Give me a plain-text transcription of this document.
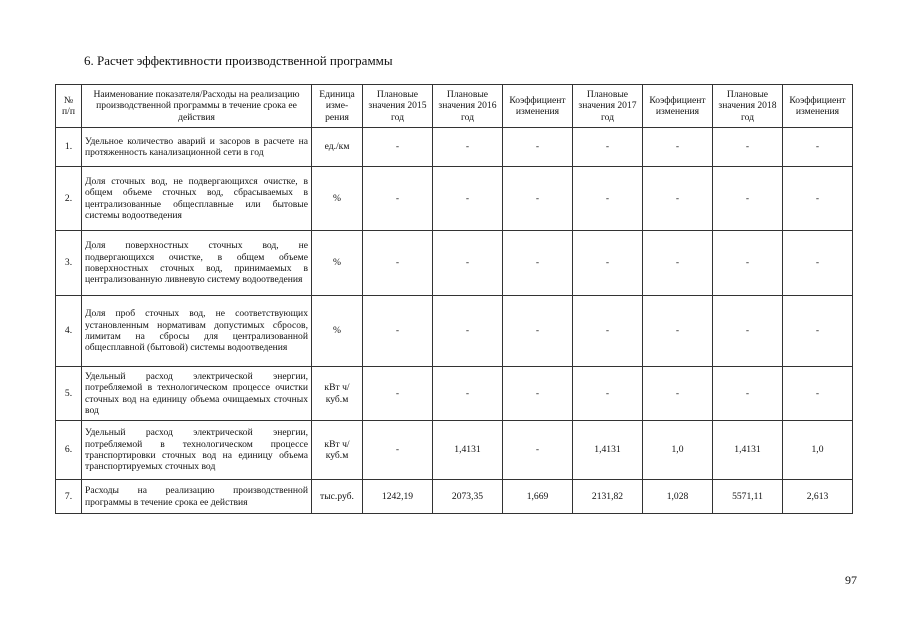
6. Расчет эффективности производственной программы
№ п/п	Наименование показателя/Расходы на реализацию производственной программы в течение срока ее действия	Единица изме- рения	Плановые значения 2015 год	Плановые значения 2016 год	Коэффициент изменения	Плановые значения 2017 год	Коэффициент изменения	Плановые значения 2018 год	Коэффициент изменения
1.	Удельное количество аварий и засоров в расчете на протяженность канализационной сети в год	ед./км	-	-	-	-	-	-	-
2.	Доля сточных вод, не подвергающихся очистке, в общем объеме сточных вод, сбрасываемых в централизованные общесплавные или бытовые системы водоотведения	%	-	-	-	-	-	-	-
3.	Доля поверхностных сточных вод, не подвергающихся очистке, в общем объеме поверхностных сточных вод, принимаемых в централизованную ливневую систему водоотведения	%	-	-	-	-	-	-	-
4.	Доля проб сточных вод, не соответствующих установленным нормативам допустимых сбросов, лимитам на сбросы для централизованной общесплавной (бытовой) системы водоотведения	%	-	-	-	-	-	-	-
5.	Удельный расход электрической энергии, потребляемой в технологическом процессе очистки сточных вод на единицу объема очищаемых сточных вод	кВт ч/куб.м	-	-	-	-	-	-	-
6.	Удельный расход электрической энергии, потребляемой в технологическом процессе транспортировки сточных вод на единицу объема транспортируемых сточных вод	кВт ч/куб.м	-	1,4131	-	1,4131	1,0	1,4131	1,0
7.	Расходы на реализацию производственной программы в течение срока ее действия	тыс.руб.	1242,19	2073,35	1,669	2131,82	1,028	5571,11	2,613
97
